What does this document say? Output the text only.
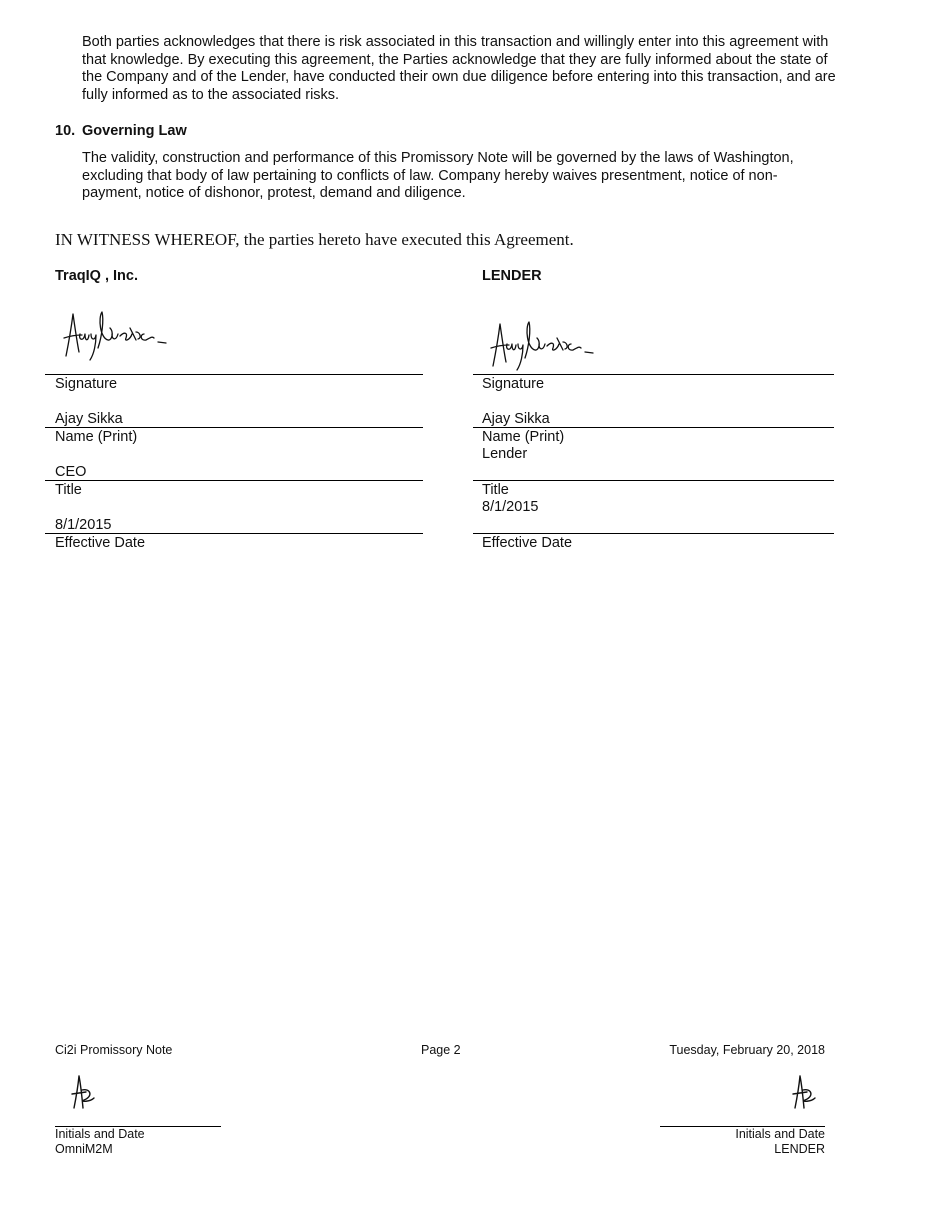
Both parties acknowledges that there is risk associated in this transaction and willingly enter into this agreement with
that knowledge. By executing this agreement, the Parties acknowledge that they are fully informed about the state of
the Company and of the Lender, have conducted their own due diligence before entering into this transaction, and are
fully informed as to the associated risks.
10. Governing Law
The validity, construction and performance of this Promissory Note will be governed by the laws of Washington,
excluding that body of law pertaining to conflicts of law. Company hereby waives presentment, notice of non-
payment, notice of dishonor, protest, demand and diligence.
IN WITNESS WHEREOF, the parties hereto have executed this Agreement.
TraqIQ , Inc.
Signature
Ajay Sikka
Name (Print)
CEO
Title
8/1/2015
Effective Date
LENDER
Signature
Ajay Sikka
Name (Print)
Lender
Title
8/1/2015
Effective Date
Ci2i Promissory Note	Page 2	Tuesday, February 20, 2018
Initials and Date
OmniM2M
Initials and Date
LENDER
